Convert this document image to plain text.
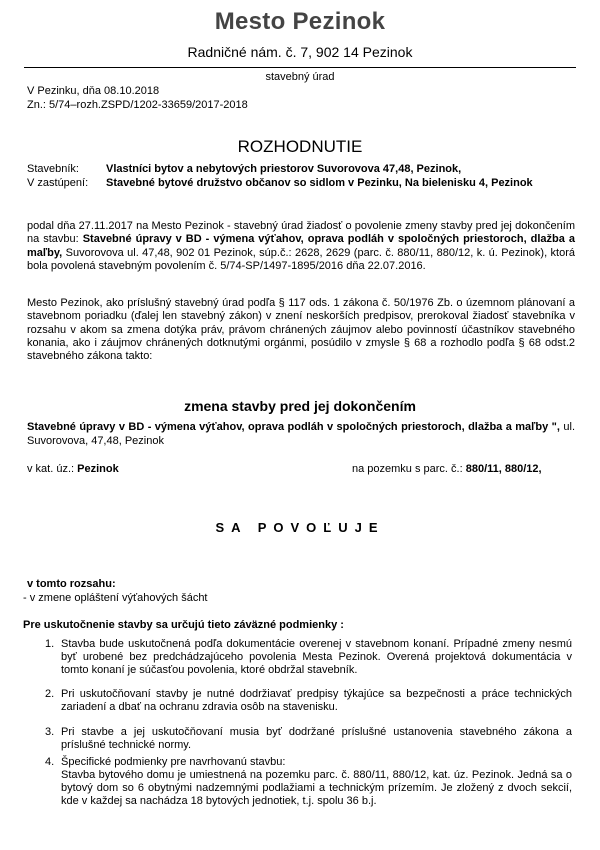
Mesto Pezinok
Radničné nám. č. 7, 902 14 Pezinok
stavebný úrad
V Pezinku, dňa 08.10.2018
Zn.: 5/74–rozh.ZSPD/1202-33659/2017-2018
ROZHODNUTIE
Stavebník: Vlastníci bytov a nebytových priestorov Suvorovova 47,48, Pezinok,
V zastúpení: Stavebné bytové družstvo občanov so sidlom v Pezinku, Na bielenisku 4, Pezinok

podal dňa 27.11.2017 na Mesto Pezinok - stavebný úrad žiadosť o povolenie zmeny stavby pred jej dokončením na stavbu: Stavebné úpravy v BD - výmena výťahov, oprava podláh v spoločných priestoroch, dlažba a maľby, Suvorovova ul. 47,48, 902 01 Pezinok, súp.č.: 2628, 2629 (parc. č. 880/11, 880/12, k. ú. Pezinok), ktorá bola povolená stavebným povolením č. 5/74-SP/1497-1895/2016 dňa 22.07.2016.

Mesto Pezinok, ako príslušný stavebný úrad podľa § 117 ods. 1 zákona č. 50/1976 Zb. o územnom plánovaní a stavebnom poriadku (ďalej len stavebný zákon) v znení neskorších predpisov, prerokoval žiadosť stavebníka v rozsahu v akom sa zmena dotýka práv, právom chránených záujmov alebo povinností účastníkov stavebného konania, ako i záujmov chránených dotknutými orgánmi, posúdilo v zmysle § 68 a rozhodlo podľa § 68 odst.2 stavebného zákona takto:

zmena stavby pred jej dokončením
Stavebné úpravy v BD - výmena výťahov, oprava podláh v spoločných priestoroch, dlažba a maľby ", ul. Suvorovova, 47,48, Pezinok
v kat. úz.: Pezinok	na pozemku s parc. č.: 880/11, 880/12,
SA POVOĽUJE
v tomto rozsahu:
- v zmene opláštení výťahových šácht
Pre uskutočnenie stavby sa určujú tieto záväzné podmienky :
1. Stavba bude uskutočnená podľa dokumentácie overenej v stavebnom konaní. Prípadné zmeny nesmú byť urobené bez predchádzajúceho povolenia Mesta Pezinok. Overená projektová dokumentácia v tomto konaní je súčasťou povolenia, ktoré obdržal stavebník.
2. Pri uskutočňovaní stavby je nutné dodržiavať predpisy týkajúce sa bezpečnosti a práce technických zariadení a dbať na ochranu zdravia osôb na stavenisku.
3. Pri stavbe a jej uskutočňovaní musia byť dodržané príslušné ustanovenia stavebného zákona a príslušné technické normy.
4. Špecifické podmienky pre navrhovanú stavbu:
Stavba bytového domu je umiestnená na pozemku parc. č. 880/11, 880/12, kat. úz. Pezinok. Jedná sa o bytový dom so 6 obytnými nadzemnými podlažiami a technickým prízemím. Je zložený z dvoch sekcií, kde v každej sa nachádza 18 bytových jednotiek, t.j. spolu 36 b.j.
